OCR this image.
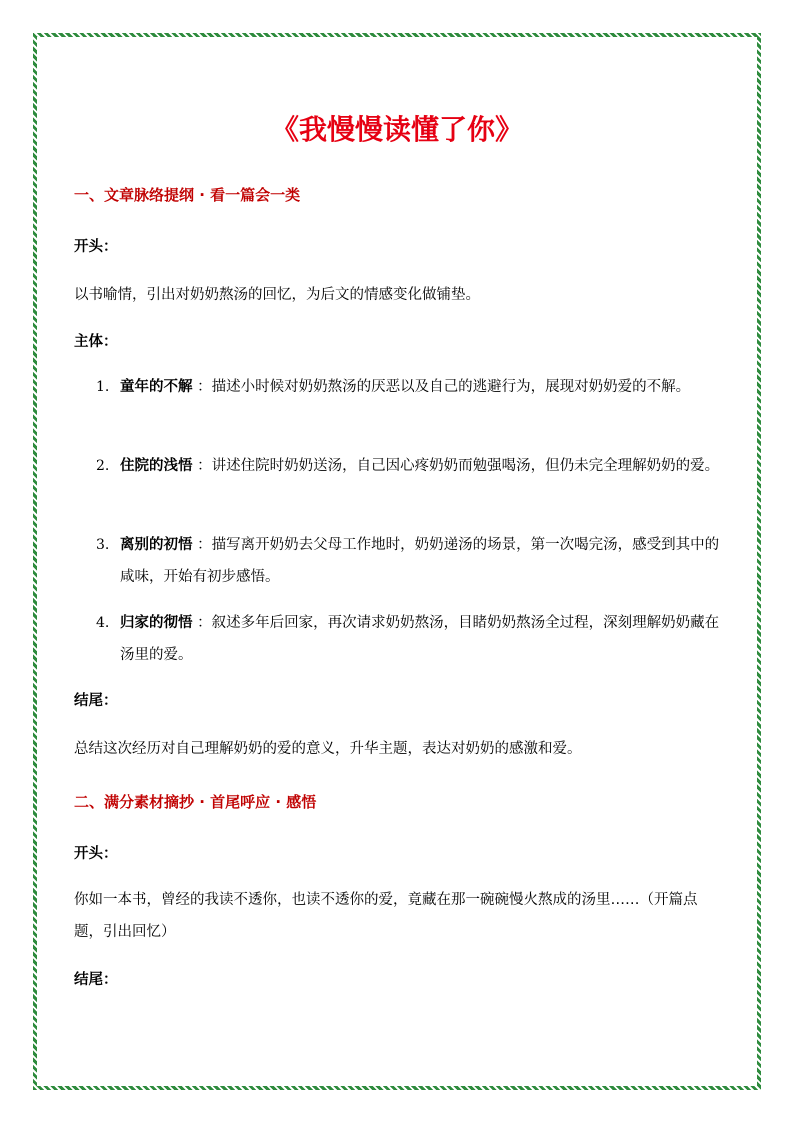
《我慢慢读懂了你》

一、文章脉络提纲 · 看一篇会一类

开头：

以书喻情，引出对奶奶熬汤的回忆，为后文的情感变化做铺垫。

主体：

1. 童年的不解 ：描述小时候对奶奶熬汤的厌恶以及自己的逃避行为，展现对奶奶爱的不解。
2. 住院的浅悟 ：讲述住院时奶奶送汤，自己因心疼奶奶而勉强喝汤，但仍未完全理解奶奶的爱。
3. 离别的初悟 ：描写离开奶奶去父母工作地时，奶奶递汤的场景，第一次喝完汤，感受到其中的咸味，开始有初步感悟。
4. 归家的彻悟 ：叙述多年后回家，再次请求奶奶熬汤，目睹奶奶熬汤全过程，深刻理解奶奶藏在汤里的爱。

结尾：

总结这次经历对自己理解奶奶的爱的意义，升华主题，表达对奶奶的感激和爱。

二、满分素材摘抄 · 首尾呼应 · 感悟

开头：

你如一本书，曾经的我读不透你，也读不透你的爱，竟藏在那一碗碗慢火熬成的汤里……（开篇点题，引出回忆）

结尾：
